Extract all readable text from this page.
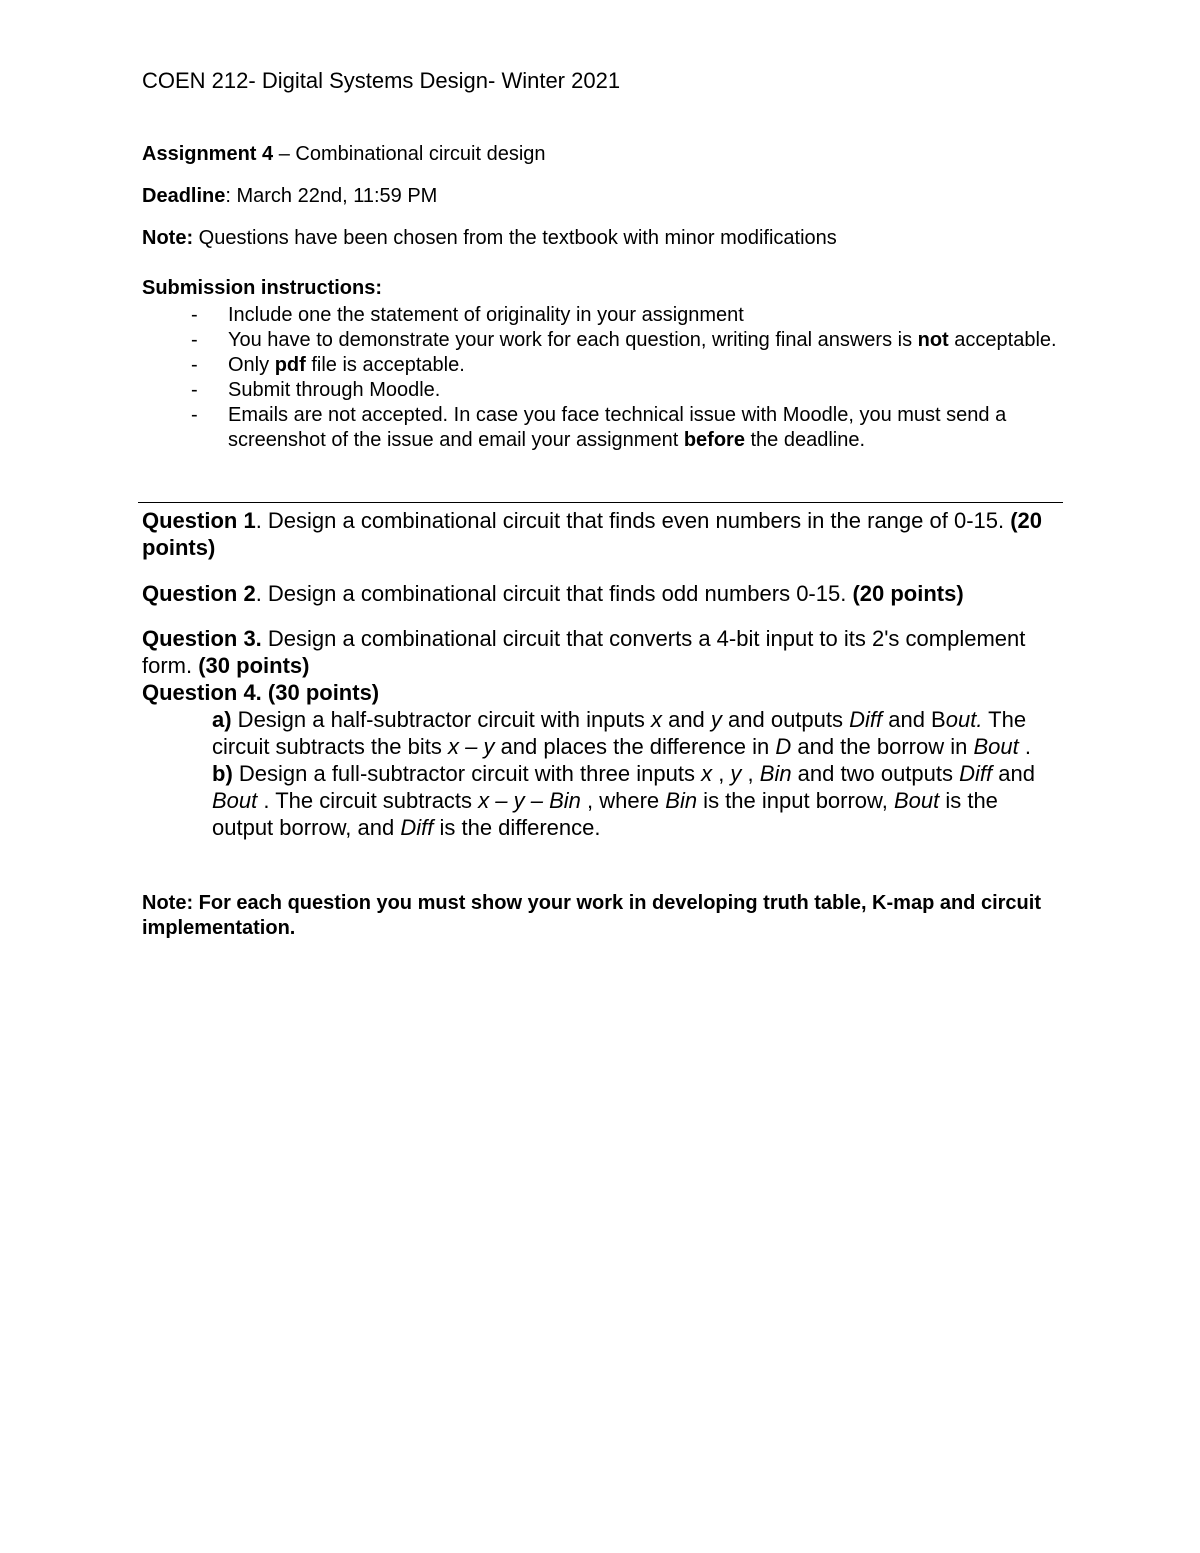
COEN 212- Digital Systems Design- Winter 2021
Assignment 4 – Combinational circuit design
Deadline: March 22nd, 11:59 PM
Note: Questions have been chosen from the textbook with minor modifications
Submission instructions:
- Include one the statement of originality in your assignment
- You have to demonstrate your work for each question, writing final answers is not acceptable.
- Only pdf file is acceptable.
- Submit through Moodle.
- Emails are not accepted. In case you face technical issue with Moodle, you must send a screenshot of the issue and email your assignment before the deadline.
Question 1. Design a combinational circuit that finds even numbers in the range of 0-15. (20 points)
Question 2. Design a combinational circuit that finds odd numbers 0-15. (20 points)
Question 3. Design a combinational circuit that converts a 4-bit input to its 2's complement form. (30 points)
Question 4. (30 points)
a) Design a half-subtractor circuit with inputs x and y and outputs Diff and Bout. The circuit subtracts the bits x – y and places the difference in D and the borrow in Bout .
b) Design a full-subtractor circuit with three inputs x , y , Bin and two outputs Diff and Bout . The circuit subtracts x – y – Bin , where Bin is the input borrow, Bout is the output borrow, and Diff is the difference.
Note: For each question you must show your work in developing truth table, K-map and circuit implementation.
